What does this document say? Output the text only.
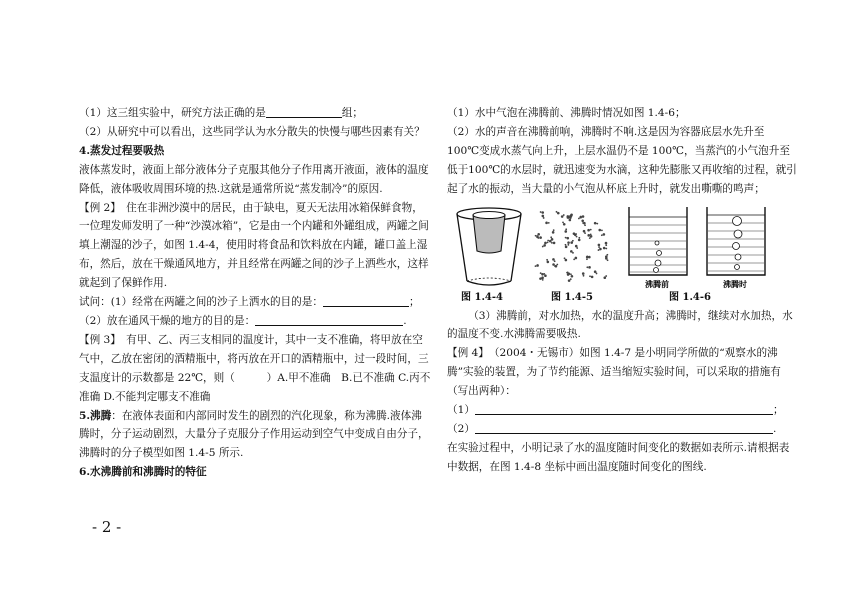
（1）这三组实验中，研究方法正确的是	组；

（2）从研究中可以看出，这些同学认为水分散失的快慢与哪些因素有关？

4.蒸发过程要吸热

液体蒸发时，液面上部分液体分子克服其他分子作用离开液面，液体的温度降低，液体吸收周围环境的热.这就是通常所说“蒸发制冷”的原因.

【例 2】　住在非洲沙漠中的居民，由于缺电，夏天无法用冰箱保鲜食物，一位理发师发明了一种“沙漠冰箱”，它是由一个内罐和外罐组成，两罐之间填上潮湿的沙子，如图 1.4-4，使用时将食品和饮料放在内罐，罐口盖上湿布，然后，放在干燥通风地方，并且经常在两罐之间的沙子上洒些水，这样就起到了保鲜作用.

试问：(1）经常在两罐之间的沙子上洒水的目的是：	；

（2）放在通风干燥的地方的目的是：	.

【例 3】　有甲、乙、丙三支相同的温度计，其中一支不准确，将甲放在空气中，乙放在密闭的酒精瓶中，将丙放在开口的酒精瓶中，过一段时间，三支温度计的示数都是 22℃，则（　　　）A.甲不准确　B.已不准确 C.丙不准确 D.不能判定哪支不准确

5.沸腾：在液体表面和内部同时发生的剧烈的汽化现象，称为沸腾.液体沸腾时，分子运动剧烈，大量分子克服分子作用运动到空气中变成自由分子，沸腾时的分子模型如图 1.4-5 所示.

6.水沸腾前和沸腾时的特征

（1）水中气泡在沸腾前、沸腾时情况如图 1.4-6；

（2）水的声音在沸腾前响，沸腾时不响.这是因为容器底层水先升至 100℃变成水蒸气向上升，上层水温仍不是 100℃，当蒸汽的小气泡升至低于100℃的水层时，就迅速变为水滴，这种先膨胀又再收缩的过程，就引起了水的振动，当大量的小气泡从杯底上升时，就发出嘶嘶的鸣声；

沸腾前	沸腾时
图 1.4-4	图 1.4-5	图 1.4-6

（3）沸腾前，对水加热，水的温度升高；沸腾时，继续对水加热，水的温度不变.水沸腾需要吸热.

【例 4】　（2004・无锡市）如图 1.4-7 是小明同学所做的“观察水的沸腾”实验的装置，为了节约能源、适当缩短实验时间，可以采取的措施有（写出两种）：

（1）	；

（2）	.

在实验过程中，小明记录了水的温度随时间变化的数据如表所示.请根据表中数据，在图 1.4-8 坐标中画出温度随时间变化的图线.

- 2 -
